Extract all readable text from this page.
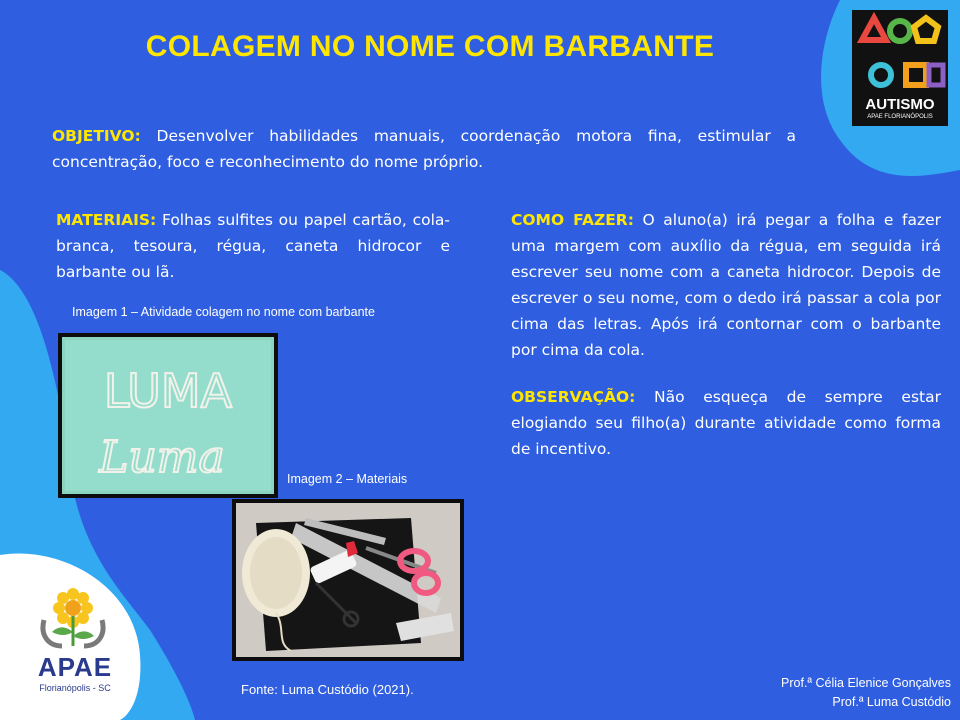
COLAGEM NO NOME COM BARBANTE
AUTISMO
APAE FLORIANÓPOLIS
OBJETIVO: Desenvolver habilidades manuais, coordenação motora fina, estimular a concentração, foco e reconhecimento do nome próprio.
MATERIAIS: Folhas sulfites ou papel cartão, cola-branca, tesoura, régua, caneta hidrocor e barbante ou lã.
COMO FAZER: O aluno(a) irá pegar a folha e fazer uma margem com auxílio da régua, em seguida irá escrever seu nome com a caneta hidrocor. Depois de escrever o seu nome, com o dedo irá passar a cola por cima das letras. Após irá contornar com o barbante por cima da cola.
OBSERVAÇÃO: Não esqueça de sempre estar elogiando seu filho(a) durante atividade como forma de incentivo.
Imagem 1 – Atividade colagem no nome com barbante
LUMA
Luma	Imagem 2 – Materiais
Fonte: Luma Custódio (2021).
APAE
Florianópolis - SC	Prof.ª Célia Elenice Gonçalves
Prof.ª Luma Custódio
